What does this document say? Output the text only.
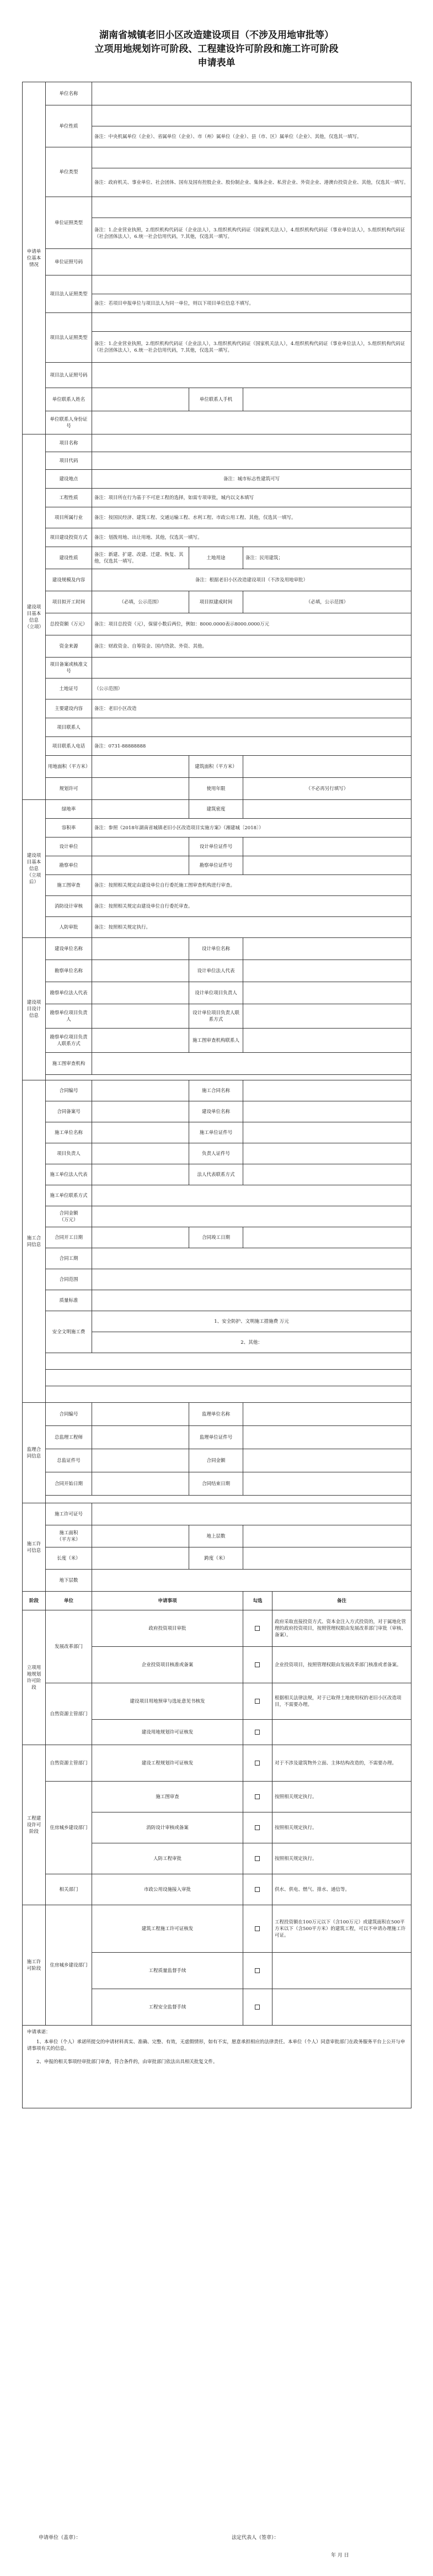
湖南省城镇老旧小区改造建设项目（不涉及用地审批等）
立项用地规划许可阶段、工程建设许可阶段和施工许可阶段
申请表单
申请单位基本情况	单位名称				
	单位性质				
		备注：中央机属单位（企业）、省属单位（企业）、市（州）属单位（企业）、县（市、区）属单位（企业）、其他，仅选其一填写。			
	单位类型				
		备注：政府机关、事业单位、社会团体、国有及国有控股企业、股份制企业、集体企业、私营企业、外资企业、港澳台投资企业、其他，仅选其一填写。			
	单位证照类型				
		备注：1.企业营业执照，2.组织机构代码证（企业法人），3.组织机构代码证（国家机关法人），4.组织机构代码证（事业单位法人），5.组织机构代码证（社会团体法人），6.统一社会信用代码，7.其他，仅选其一填写。			
	单位证照号码				
	项目法人证照类型				
		备注：若项目申报单位与项目法人为同一单位，则以下项目单位信息不填写。			
	项目法人证照类型				
		备注：1.企业营业执照，2.组织机构代码证（企业法人），3.组织机构代码证（国家机关法人），4.组织机构代码证（事业单位法人），5.组织机构代码证（社会团体法人），6.统一社会信用代码，7.其他，仅选其一填写。			
	项目法人证照号码				
	单位联系人姓名		单位联系人手机		
	单位联系人身份证号				
建设项目基本信息（立项）	项目名称				
	项目代码				
	建设地点	备注：城市标志性建筑可写			
	工程性质	备注：项目所在行为基于不可逆工程的选择，如需专项审批，城内以文本填写			
	项目所属行业	备注：按国民经济、建筑工程、交通运输工程、水利工程、市政公用工程、其他，仅选其一填写。			
	项目建设投资方式	备注：划拨用地、出让用地、其他，仅选其一填写。			
	建设性质	备注：新建、扩建、改建、迁建、恢复、其他，仅选其一填写。	土地用途	备注：民用建筑；	
	建设规模及内容	备注：根据老旧小区改造建设项目（不涉及用地审批）			
	项目拟开工时间	（必填，公示范围）	项目拟建成时间	（必填，公示范围）	
	总投资额（万元）	备注：项目总投资（元），保留小数后两位，例如：8000.0000表示8000.0000万元			
	资金来源	备注：财政资金、自筹资金、国内贷款、外资、其他。			
	项目备案或核准文号				
	土地证号	（公示范围）			
	主要建设内容	备注：老旧小区改造			
	项目联系人				
	项目联系人电话	备注：0731-88888888			
	用地面积（平方米）		建筑面积（平方米）		
	规划许可		使用年限	（不必再另行填写）	
建设项目基本信息（立项后）	绿地率		建筑密度		
	容积率	备注：参照《2018年湖南省城镇老旧小区改造项目实施方案》（湘建城〔2018〕）			
	设计单位		设计单位证件号		
	勘察单位		勘察单位证件号		
	施工图审查	备注：按照相关规定由建设单位自行委托施工图审查机构进行审查。			
	消防设计审核	备注：按照相关规定由建设单位自行委托审查。			
	人防审批	备注：按照相关规定执行。			
建设项目设计信息	建设单位名称		设计单位名称		
	勘察单位名称		设计单位法人代表		
	勘察单位法人代表		设计单位项目负责人		
	勘察单位项目负责人		设计单位项目负责人联系方式		
	勘察单位项目负责人联系方式		施工图审查机构联系人		
	施工图审查机构				

施工合同信息	合同编号		施工合同名称		
	合同备案号		建设单位名称		
	施工单位名称		施工单位证件号		
	项目负责人		负责人证件号		
	施工单位法人代表		法人代表联系方式		
	施工单位联系方式				
	合同金额
（万元）				
	合同开工日期		合同竣工日期		
	合同工期				
	合同范围				
	质量标准				
	安全文明施工费	1、安全防护、文明施工措施费 万元			
		2、其他：			

监理合同信息	合同编号		监理单位名称		
	总监理工程师		监理单位证件号		
	总监证件号		合同金额		
	合同开始日期		合同结束日期		

施工许可信息	施工许可证号				
	施工面积（平方米）		地上层数		
	长度（米）		跨度（米）		
	地下层数				
阶段	单位	申请事项		勾选	备注
立项用地规划许可阶段	发展改革部门	政府投资项目审批			政府采取直接投资方式、资本金注入方式投资的，对于属地化管理的政府投资项目，按照管理权限由发展改革部门审批（审核、备案）。
		企业投资项目核准或备案			企业投资项目，按照管理权限由发展改革部门核准或者备案。
	自然资源主管部门	建设项目用地预审与选址意见书核发			根据相关法律法规，对于已取得土地使用权的老旧小区改造项目，不需要办理。
		建设用地规划许可证核发			
工程建设许可阶段	自然资源主管部门	建设工程规划许可证核发			对于不涉及建筑物外立面、主体结构改造的，不需要办理。
	住房城乡建设部门	施工图审查			按照相关规定执行。
		消防设计审核或备案			按照相关规定执行。
		人防工程审批			按照相关规定执行。
	相关部门	市政公用设施接入审批			供水、供电、燃气、排水、通信等。
施工许可阶段	住房城乡建设部门	建筑工程施工许可证核发			工程投资额在100万元以下（含100万元）或建筑面积在500平方米以下（含500平方米）的建筑工程，可以不申请办理施工许可证。
		工程质量监督手续			
		工程安全监督手续			

申请承诺：
1、本单位（个人）承诺所提交的申请材料真实、准确、完整、有效，无虚假情形，如有不实，愿意承担相应的法律责任。本单位（个人）同意审批部门在政务服务平台上公开与申请事项有关的信息。
2、申报的相关事项经审批部门审查，符合条件的，由审批部门依法出具相关批复文件。					
申请单位（盖章）：	法定代表人（签章）：
年 月 日
